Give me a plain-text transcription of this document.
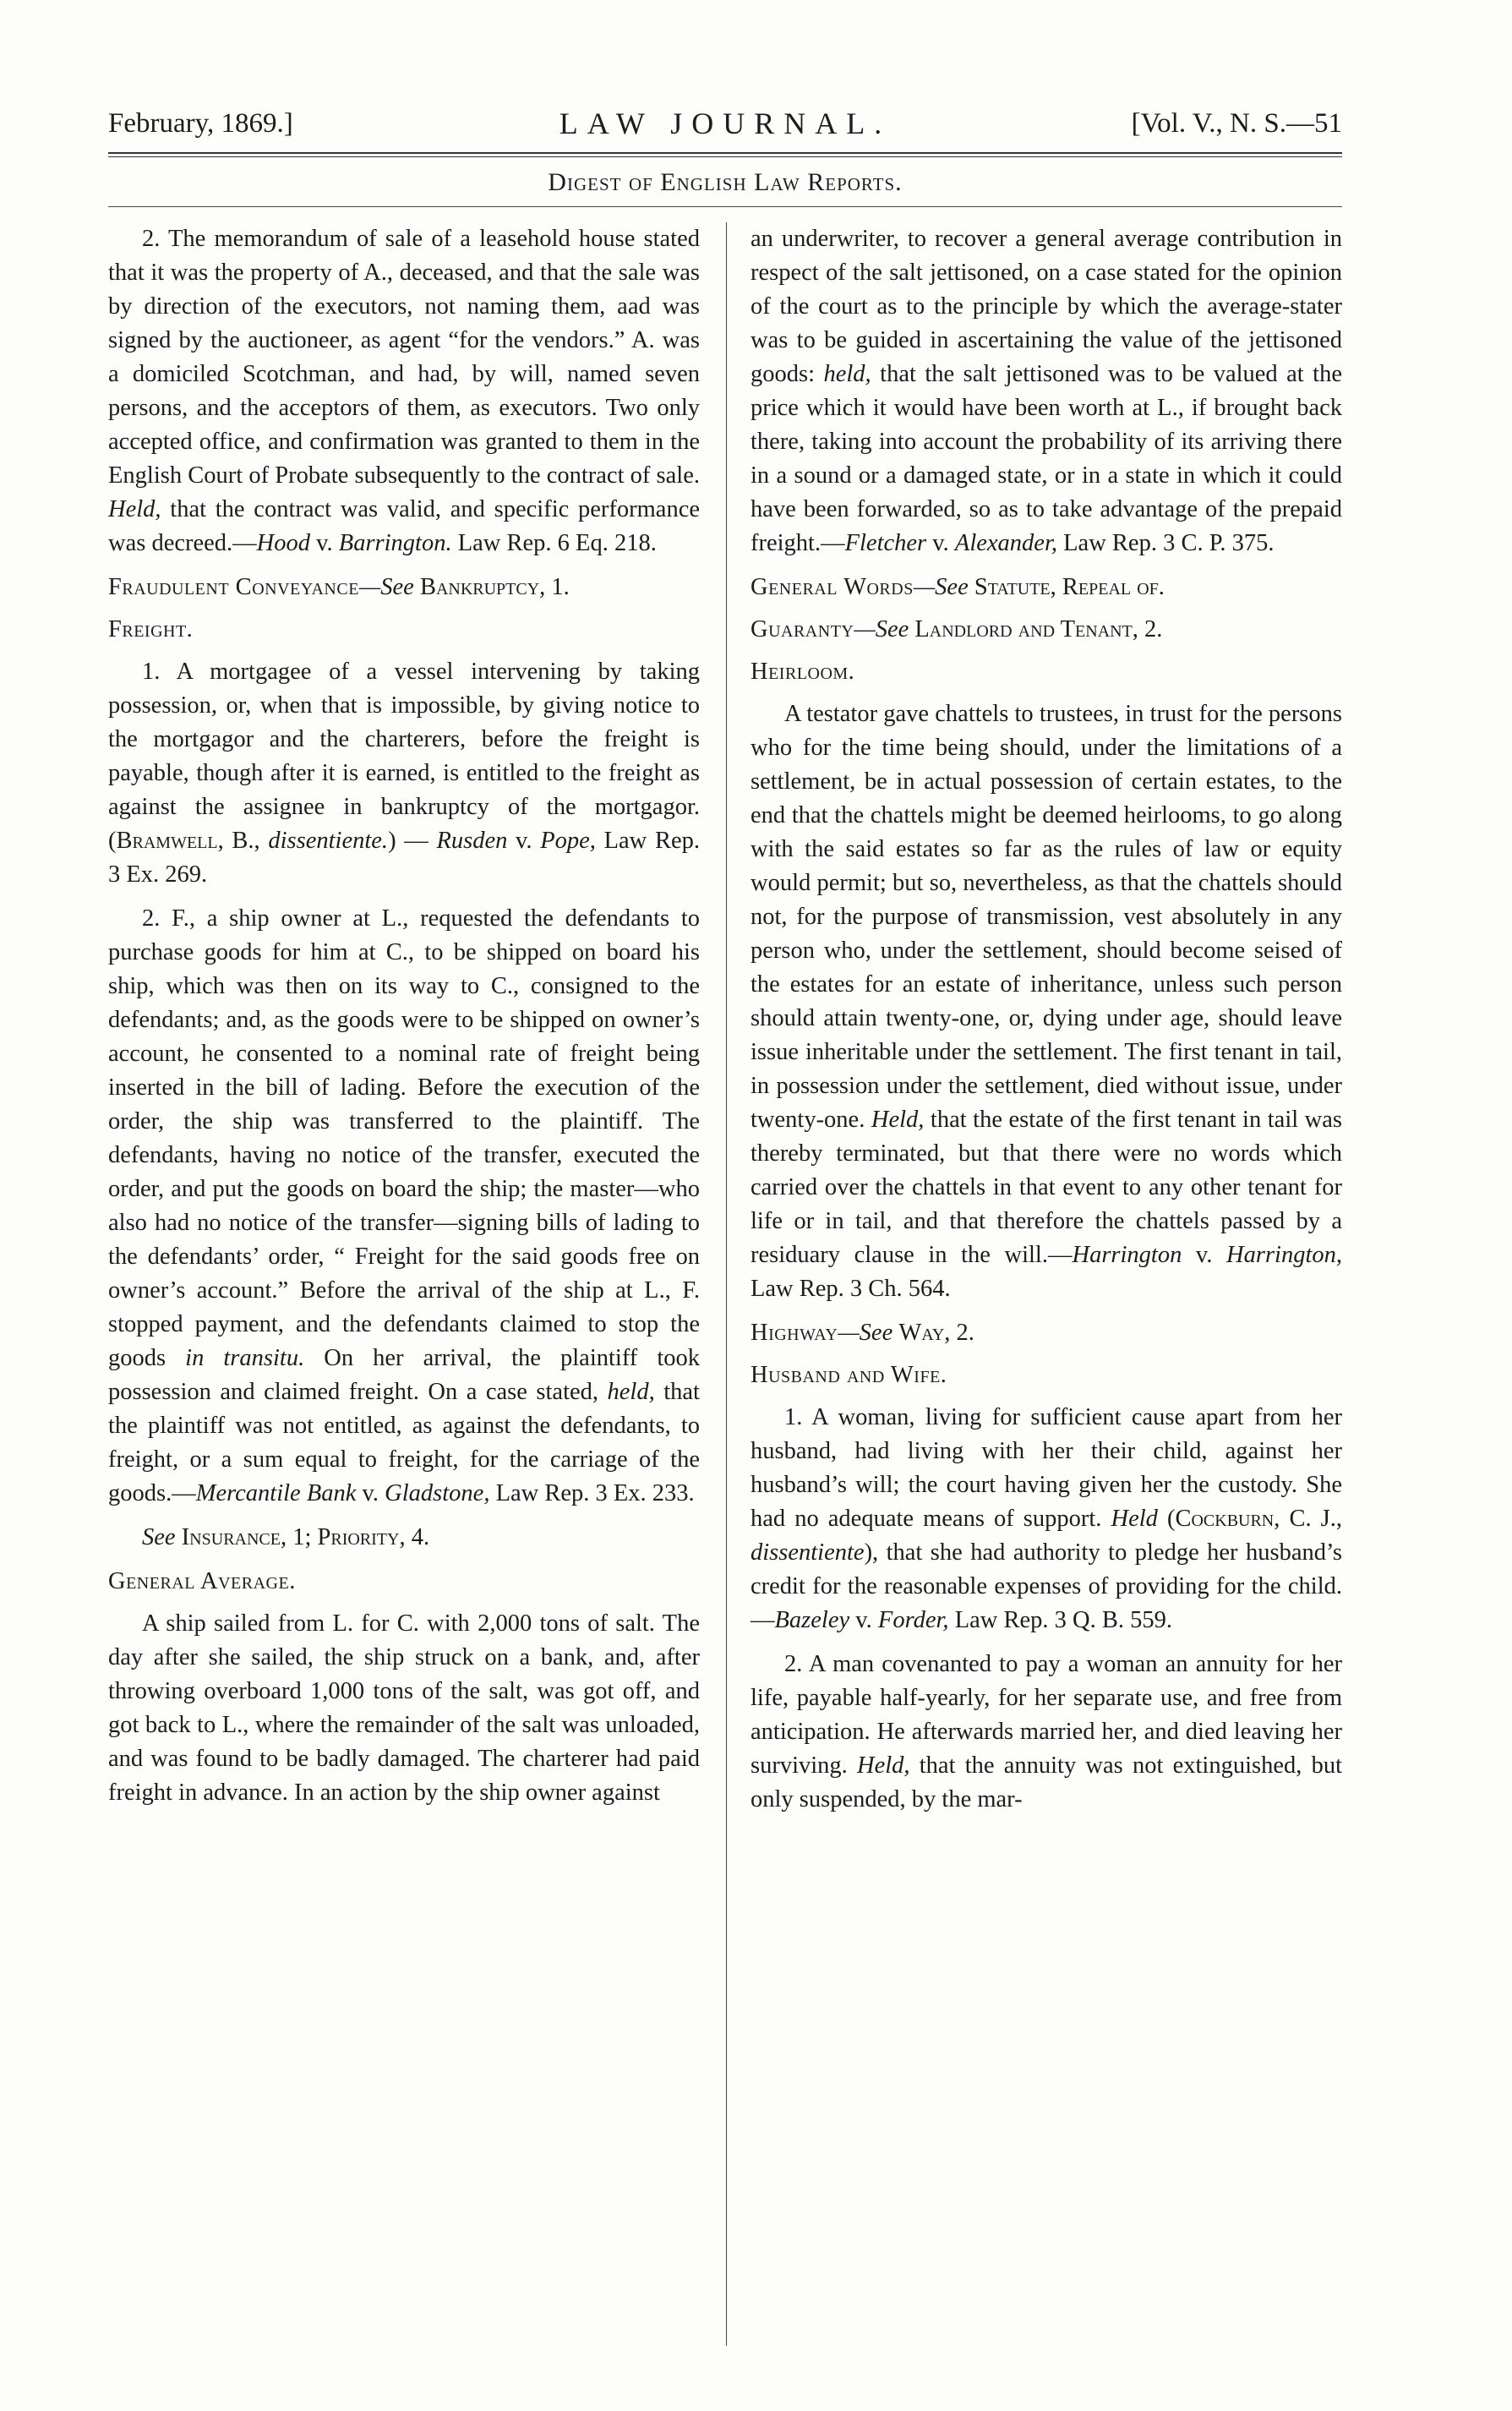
February, 1869.]	LAW JOURNAL.	[Vol. V., N. S.—51
Digest of English Law Reports.

2. The memorandum of sale of a leasehold house stated that it was the property of A., deceased, and that the sale was by direction of the executors, not naming them, aad was signed by the auctioneer, as agent “for the vendors.” A. was a domiciled Scotchman, and had, by will, named seven persons, and the acceptors of them, as executors. Two only accepted office, and confirmation was granted to them in the English Court of Probate subsequently to the contract of sale. Held, that the contract was valid, and specific performance was decreed.—Hood v. Barrington. Law Rep. 6 Eq. 218.

Fraudulent Conveyance—See Bankruptcy, 1.

Freight.

1. A mortgagee of a vessel intervening by taking possession, or, when that is impossible, by giving notice to the mortgagor and the charterers, before the freight is payable, though after it is earned, is entitled to the freight as against the assignee in bankruptcy of the mortgagor. (Bramwell, B., dissentiente.) — Rusden v. Pope, Law Rep. 3 Ex. 269.

2. F., a ship owner at L., requested the defendants to purchase goods for him at C., to be shipped on board his ship, which was then on its way to C., consigned to the defendants; and, as the goods were to be shipped on owner’s account, he consented to a nominal rate of freight being inserted in the bill of lading. Before the execution of the order, the ship was transferred to the plaintiff. The defendants, having no notice of the transfer, executed the order, and put the goods on board the ship; the master—who also had no notice of the transfer—signing bills of lading to the defendants’ order, “ Freight for the said goods free on owner’s account.” Before the arrival of the ship at L., F. stopped payment, and the defendants claimed to stop the goods in transitu. On her arrival, the plaintiff took possession and claimed freight. On a case stated, held, that the plaintiff was not entitled, as against the defendants, to freight, or a sum equal to freight, for the carriage of the goods.—Mercantile Bank v. Gladstone, Law Rep. 3 Ex. 233.

See Insurance, 1; Priority, 4.

General Average.

A ship sailed from L. for C. with 2,000 tons of salt. The day after she sailed, the ship struck on a bank, and, after throwing overboard 1,000 tons of the salt, was got off, and got back to L., where the remainder of the salt was unloaded, and was found to be badly damaged. The charterer had paid freight in advance. In an action by the ship owner against

an underwriter, to recover a general average contribution in respect of the salt jettisoned, on a case stated for the opinion of the court as to the principle by which the average-stater was to be guided in ascertaining the value of the jettisoned goods: held, that the salt jettisoned was to be valued at the price which it would have been worth at L., if brought back there, taking into account the probability of its arriving there in a sound or a damaged state, or in a state in which it could have been forwarded, so as to take advantage of the prepaid freight.—Fletcher v. Alexander, Law Rep. 3 C. P. 375.

General Words—See Statute, Repeal of.

Guaranty—See Landlord and Tenant, 2.

Heirloom.

A testator gave chattels to trustees, in trust for the persons who for the time being should, under the limitations of a settlement, be in actual possession of certain estates, to the end that the chattels might be deemed heirlooms, to go along with the said estates so far as the rules of law or equity would permit; but so, nevertheless, as that the chattels should not, for the purpose of transmission, vest absolutely in any person who, under the settlement, should become seised of the estates for an estate of inheritance, unless such person should attain twenty-one, or, dying under age, should leave issue inheritable under the settlement. The first tenant in tail, in possession under the settlement, died without issue, under twenty-one. Held, that the estate of the first tenant in tail was thereby terminated, but that there were no words which carried over the chattels in that event to any other tenant for life or in tail, and that therefore the chattels passed by a residuary clause in the will.—Harrington v. Harrington, Law Rep. 3 Ch. 564.

Highway—See Way, 2.

Husband and Wife.

1. A woman, living for sufficient cause apart from her husband, had living with her their child, against her husband’s will; the court having given her the custody. She had no adequate means of support. Held (Cockburn, C. J., dissentiente), that she had authority to pledge her husband’s credit for the reasonable expenses of providing for the child.—Bazeley v. Forder, Law Rep. 3 Q. B. 559.

2. A man covenanted to pay a woman an annuity for her life, payable half-yearly, for her separate use, and free from anticipation. He afterwards married her, and died leaving her surviving. Held, that the annuity was not extinguished, but only suspended, by the mar-
